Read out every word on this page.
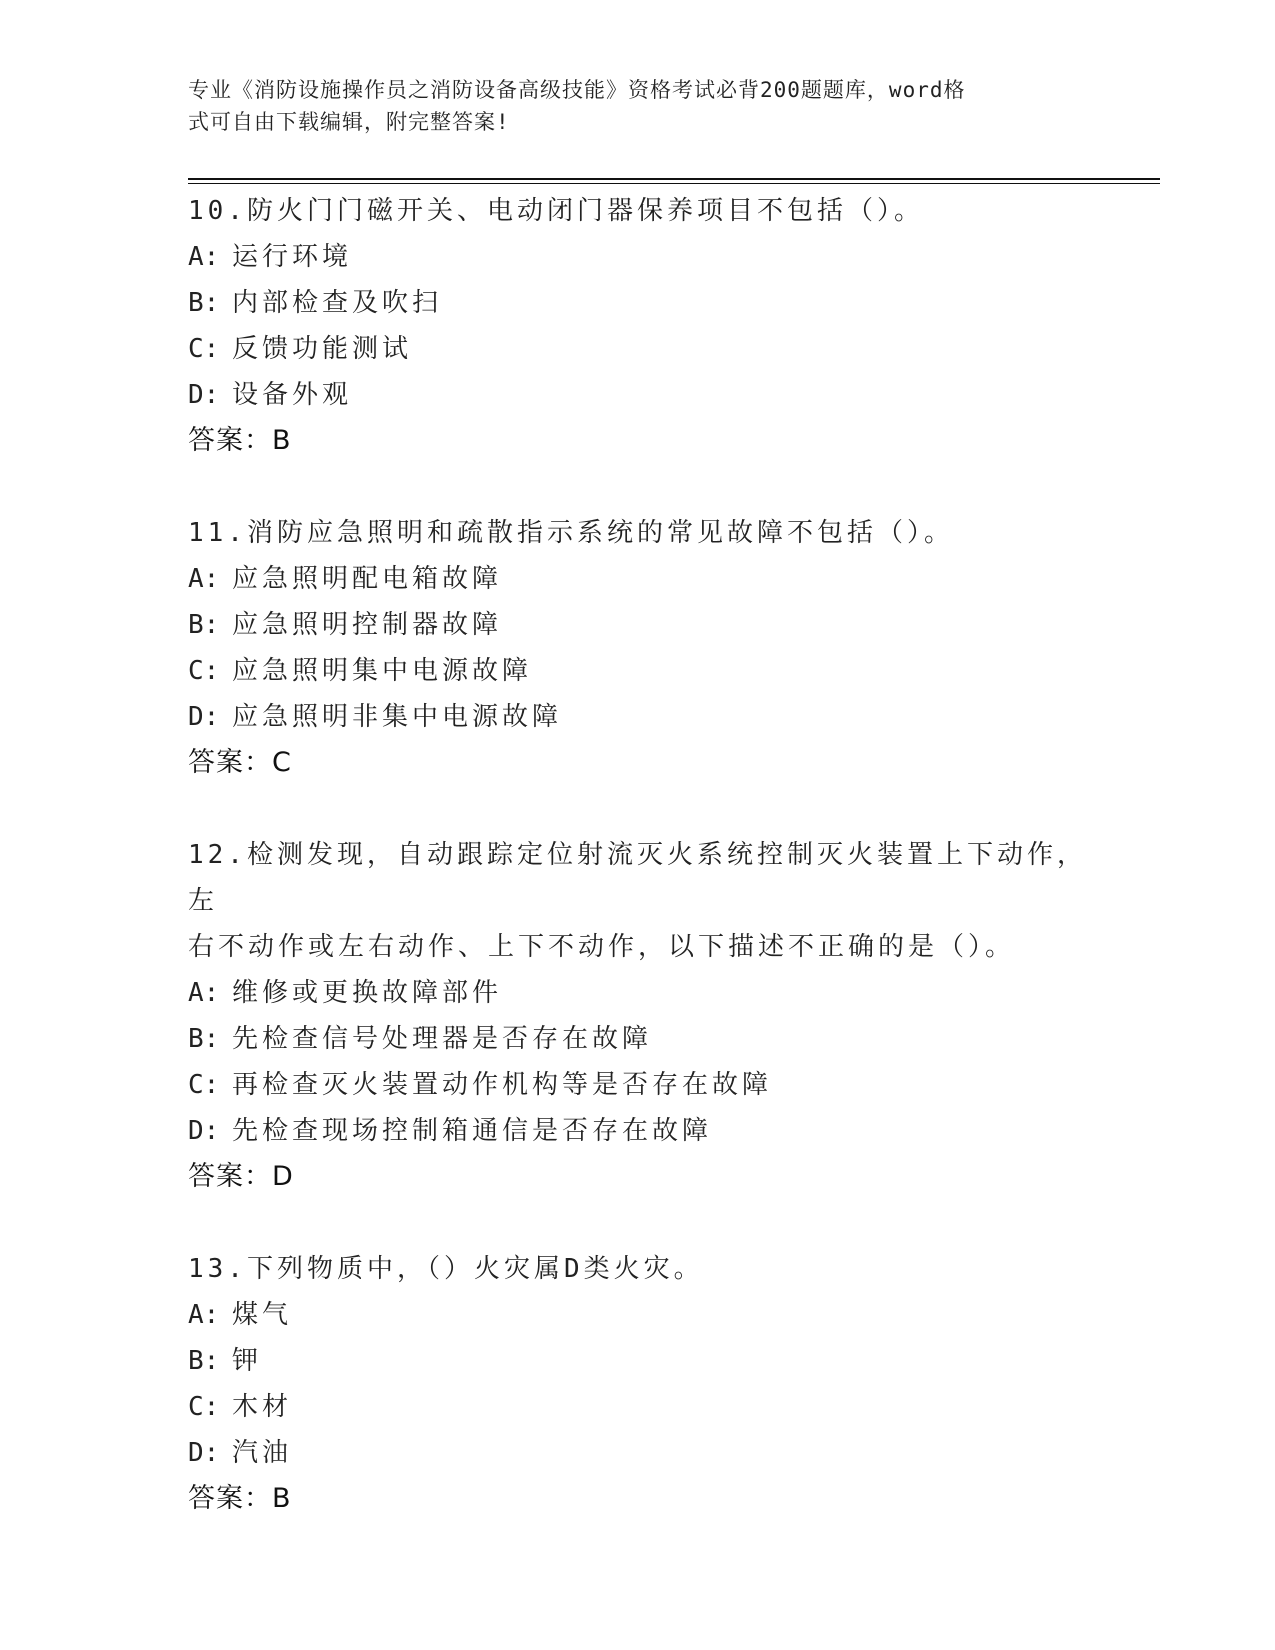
专业《消防设施操作员之消防设备高级技能》资格考试必背200题题库，word格
式可自由下载编辑，附完整答案!
10.防火门门磁开关、电动闭门器保养项目不包括（）。
A: 运行环境
B: 内部检查及吹扫
C: 反馈功能测试
D: 设备外观
答案：B
11.消防应急照明和疏散指示系统的常见故障不包括（）。
A: 应急照明配电箱故障
B: 应急照明控制器故障
C: 应急照明集中电源故障
D: 应急照明非集中电源故障
答案：C
12.检测发现，自动跟踪定位射流灭火系统控制灭火装置上下动作，左
右不动作或左右动作、上下不动作，以下描述不正确的是（）。
A: 维修或更换故障部件
B: 先检查信号处理器是否存在故障
C: 再检查灭火装置动作机构等是否存在故障
D: 先检查现场控制箱通信是否存在故障
答案：D
13.下列物质中，（）火灾属D类火灾。
A: 煤气
B: 钾
C: 木材
D: 汽油
答案：B
